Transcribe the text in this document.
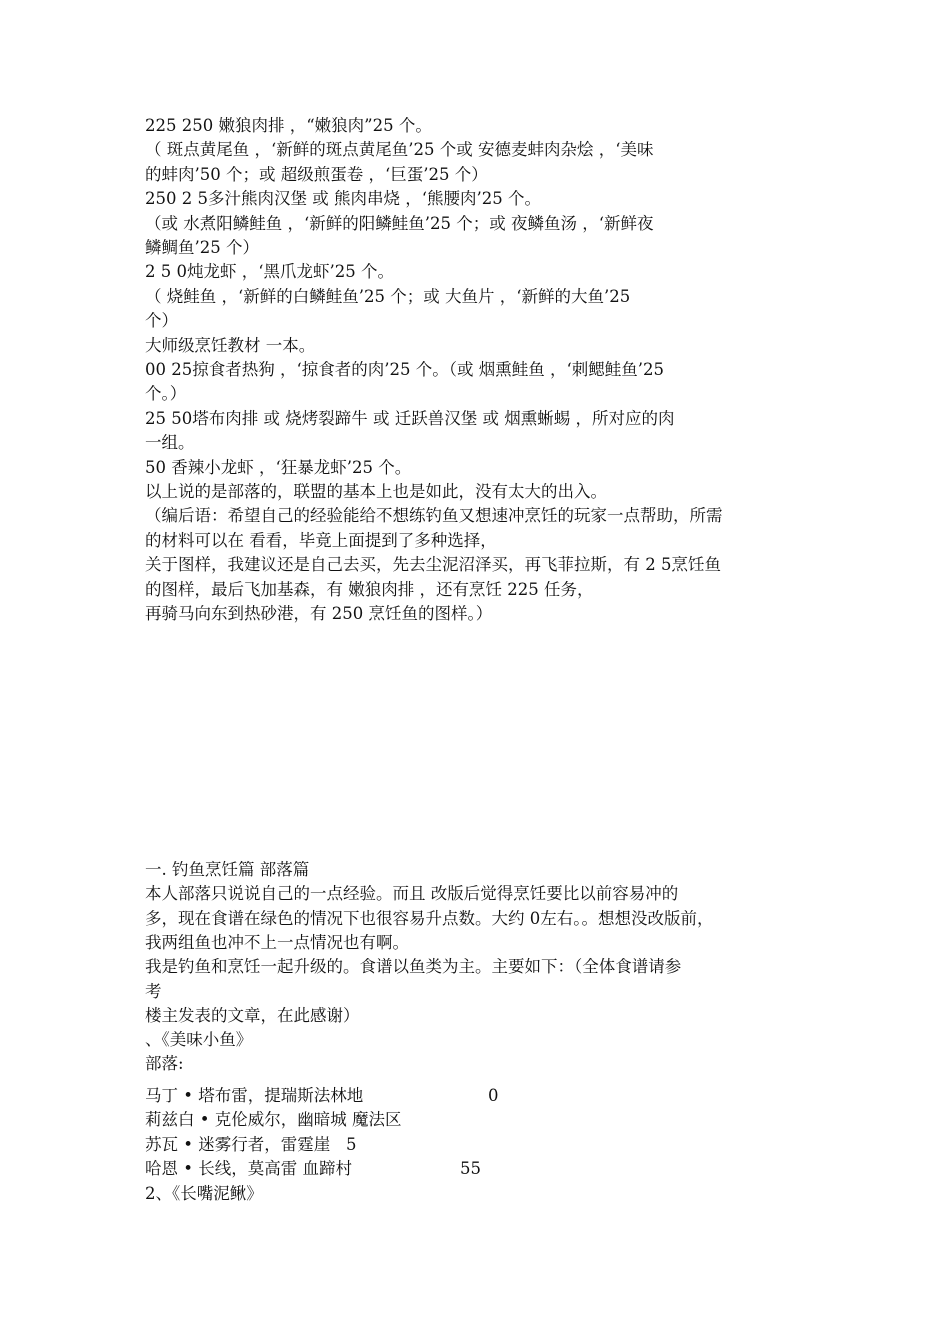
225 250 嫩狼肉排 ，“嫩狼肉”25 个。
（ 斑点黄尾鱼 ，‘新鲜的斑点黄尾鱼’25 个或 安德麦蚌肉杂烩 ，‘美味
的蚌肉’50 个；或 超级煎蛋卷 ，‘巨蛋’25 个）
250 2 5多汁熊肉汉堡 或 熊肉串烧 ，‘熊腰肉’25 个。
（或 水煮阳鳞鲑鱼 ，‘新鲜的阳鳞鲑鱼’25 个；或 夜鳞鱼汤 ，‘新鲜夜
鳞鲷鱼’25 个）
2 5 0炖龙虾 ，‘黑爪龙虾’25 个。
（ 烧鲑鱼 ，‘新鲜的白鳞鲑鱼’25 个；或 大鱼片 ，‘新鲜的大鱼’25
个）
大师级烹饪教材 一本。
00 25掠食者热狗 ，‘掠食者的肉’25 个。（或 烟熏鲑鱼 ，‘刺鳃鲑鱼’25
个。）
25 50塔布肉排 或 烧烤裂蹄牛 或 迁跃兽汉堡 或 烟熏蜥蜴 ，所对应的肉
一组。
50 香辣小龙虾 ，‘狂暴龙虾’25 个。
以上说的是部落的，联盟的基本上也是如此，没有太大的出入。
（编后语：希望自己的经验能给不想练钓鱼又想速冲烹饪的玩家一点帮助，所需
的材料可以在 看看，毕竟上面提到了多种选择，
关于图样，我建议还是自己去买，先去尘泥沼泽买，再飞菲拉斯，有 2 5烹饪鱼
的图样，最后飞加基森，有 嫩狼肉排 ，还有烹饪 225 任务，
再骑马向东到热砂港，有 250 烹饪鱼的图样。）
一. 钓鱼烹饪篇 部落篇
本人部落只说说自己的一点经验。而且 改版后觉得烹饪要比以前容易冲的
多，现在食谱在绿色的情况下也很容易升点数。大约 0左右。。想想没改版前，
我两组鱼也冲不上一点情况也有啊。
我是钓鱼和烹饪一起升级的。食谱以鱼类为主。主要如下：（全体食谱请参
考
楼主发表的文章，在此感谢）
、《美味小鱼》
部落:
马丁 • 塔布雷，提瑞斯法林地	0
莉兹白 • 克伦威尔，幽暗城 魔法区
苏瓦 • 迷雾行者，雷霆崖   5
哈恩 • 长线，莫高雷 血蹄村	55
2、《长嘴泥鳅》
